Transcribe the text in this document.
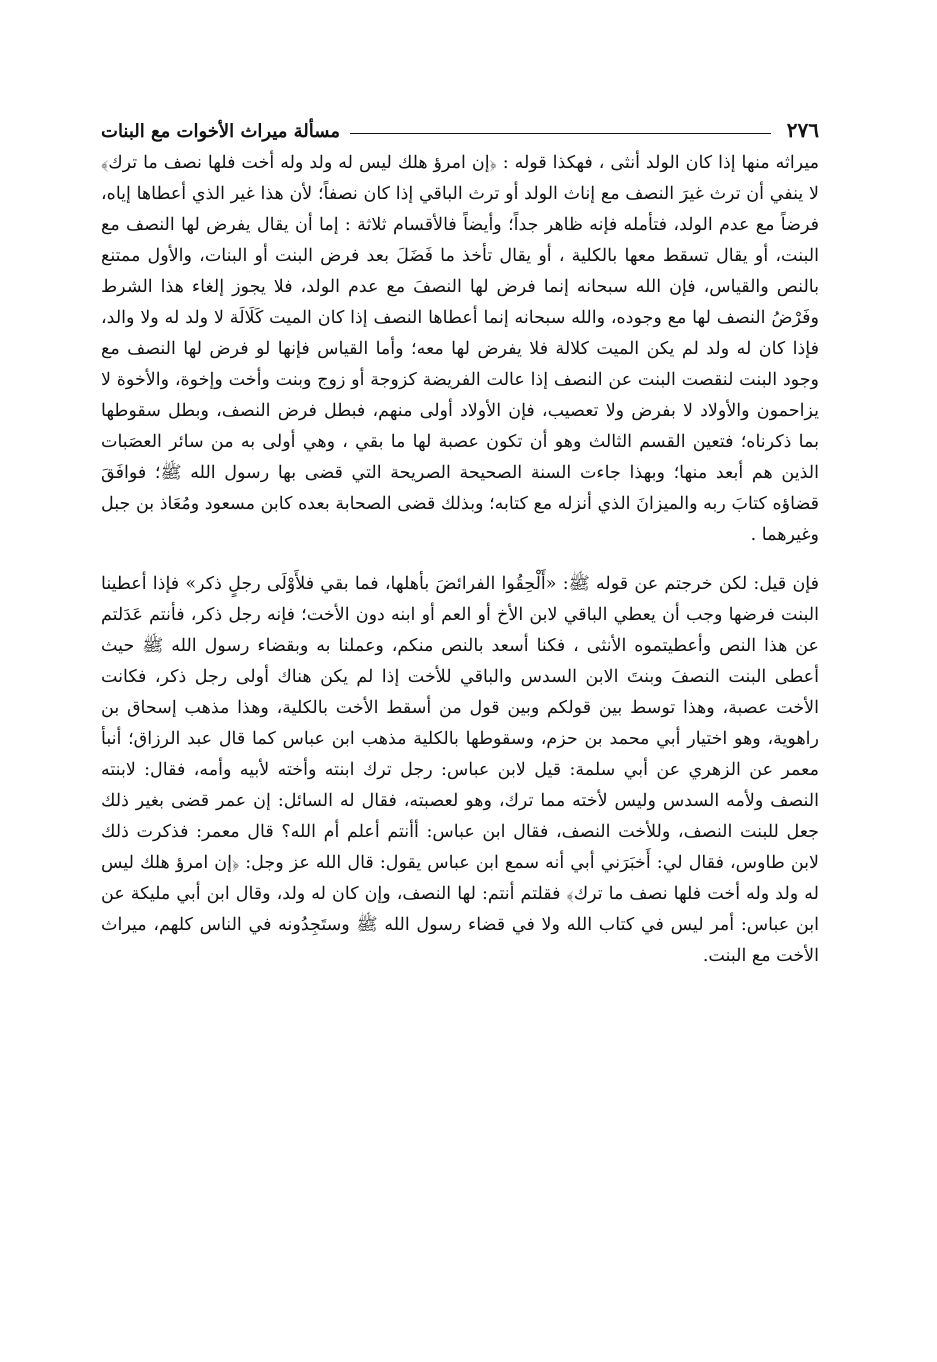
٢٧٦
مسألة ميراث الأخوات مع البنات

ميراثه منها إذا كان الولد أنثى ، فهكذا قوله : ﴿إن امرؤ هلك ليس له ولد وله أخت فلها نصف ما ترك﴾ لا ينفي أن ترث غيرَ النصف مع إناث الولد أو ترث الباقي إذا كان نصفاً؛ لأن هذا غير الذي أعطاها إياه، فرضاً مع عدم الولد، فتأمله فإنه ظاهر جداً؛ وأيضاً فالأقسام ثلاثة : إما أن يقال يفرض لها النصف مع البنت، أو يقال تسقط معها بالكلية ، أو يقال تأخذ ما فَضَلَ بعد فرض البنت أو البنات، والأول ممتنع بالنص والقياس، فإن الله سبحانه إنما فرض لها النصفَ مع عدم الولد، فلا يجوز إلغاء هذا الشرط وفَرْضُ النصف لها مع وجوده، والله سبحانه إنما أعطاها النصف إذا كان الميت كَلَالَة لا ولد له ولا والد، فإذا كان له ولد لم يكن الميت كلالة فلا يفرض لها معه؛ وأما القياس فإنها لو فرض لها النصف مع وجود البنت لنقصت البنت عن النصف إذا عالت الفريضة كزوجة أو زوج وبنت وأخت وإخوة، والأخوة لا يزاحمون والأولاد لا بفرض ولا تعصيب، فإن الأولاد أولى منهم، فبطل فرض النصف، وبطل سقوطها بما ذكرناه؛ فتعين القسم الثالث وهو أن تكون عصبة لها ما بقي ، وهي أولى به من سائر العصَبات الذين هم أبعد منها؛ وبهذا جاءت السنة الصحيحة الصريحة التي قضى بها رسول الله ﷺ؛ فوافَقَ قضاؤه كتابَ ربه والميزانَ الذي أنزله مع كتابه؛ وبذلك قضى الصحابة بعده كابن مسعود ومُعَاذ بن جبل وغيرهما .

فإن قيل: لكن خرجتم عن قوله ﷺ: «أَلْحِقُوا الفرائضَ بأهلها، فما بقي فلأَوْلَى رجلٍ ذكر» فإذا أعطينا البنت فرضها وجب أن يعطي الباقي لابن الأخ أو العم أو ابنه دون الأخت؛ فإنه رجل ذكر، فأنتم عَدَلتم عن هذا النص وأعطيتموه الأنثى ، فكنا أسعد بالنص منكم، وعملنا به وبقضاء رسول الله ﷺ حيث أعطى البنت النصفَ وبنتَ الابن السدس والباقي للأخت إذا لم يكن هناك أولى رجل ذكر، فكانت الأخت عصبة، وهذا توسط بين قولكم وبين قول من أسقط الأخت بالكلية، وهذا مذهب إسحاق بن راهوية، وهو اختيار أبي محمد بن حزم، وسقوطها بالكلية مذهب ابن عباس كما قال عبد الرزاق؛ أنبأ معمر عن الزهري عن أبي سلمة: قيل لابن عباس: رجل ترك ابنته وأخته لأبيه وأمه، فقال: لابنته النصف ولأمه السدس وليس لأخته مما ترك، وهو لعصبته، فقال له السائل: إن عمر قضى بغير ذلك جعل للبنت النصف، وللأخت النصف، فقال ابن عباس: أأنتم أعلم أم الله؟ قال معمر: فذكرت ذلك لابن طاوس، فقال لي: أَخبَرَني أبي أنه سمع ابن عباس يقول: قال الله عز وجل: ﴿إن امرؤ هلك ليس له ولد وله أخت فلها نصف ما ترك﴾ فقلتم أنتم: لها النصف، وإن كان له ولد، وقال ابن أبي مليكة عن ابن عباس: أمر ليس في كتاب الله ولا في قضاء رسول الله ﷺ وستَجِدُونه في الناس كلهم، ميراث الأخت مع البنت.
